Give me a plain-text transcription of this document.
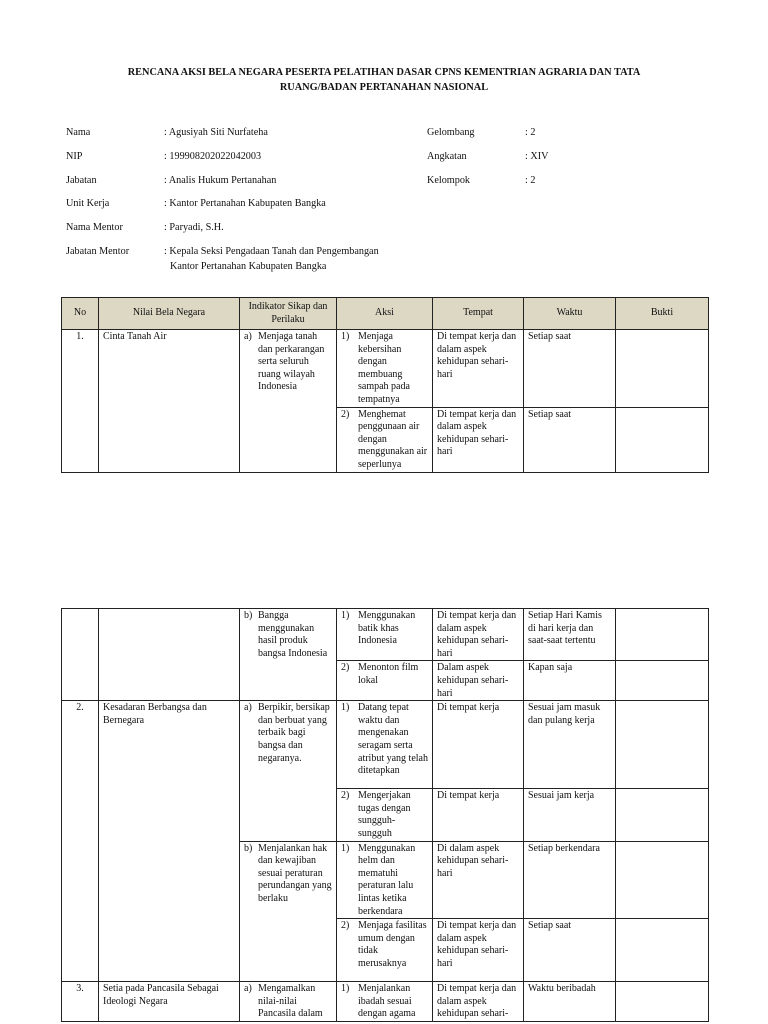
RENCANA AKSI BELA NEGARA PESERTA PELATIHAN DASAR CPNS KEMENTRIAN AGRARIA DAN TATA
RUANG/BADAN PERTANAHAN NASIONAL
Nama	: Agusiyah Siti Nurfateha
NIP	: 199908202022042003
Jabatan	: Analis Hukum Pertanahan
Unit Kerja	: Kantor Pertanahan Kabupaten Bangka
Nama Mentor	: Paryadi, S.H.
Jabatan Mentor	: Kepala Seksi Pengadaan Tanah dan Pengembangan
Kantor Pertanahan Kabupaten Bangka
Gelombang	: 2
Angkatan	: XIV
Kelompok	: 2
No	Nilai Bela Negara	Indikator Sikap dan Perilaku	Aksi	Tempat	Waktu	Bukti
1.	Cinta Tanah Air	a) Menjaga tanah dan perkarangan serta seluruh ruang wilayah Indonesia	1) Menjaga kebersihan dengan membuang sampah pada tempatnya	Di tempat kerja dan dalam aspek kehidupan sehari-hari	Setiap saat	

			2) Menghemat penggunaan air dengan menggunakan air seperlunya	Di tempat kerja dan dalam aspek kehidupan sehari-hari	Setiap saat	

		b) Bangga menggunakan hasil produk bangsa Indonesia	1) Menggunakan batik khas Indonesia	Di tempat kerja dan dalam aspek kehidupan sehari-hari	Setiap Hari Kamis di hari kerja dan saat-saat tertentu	

			2) Menonton film lokal	Dalam aspek kehidupan sehari-hari	Kapan saja	
2.	Kesadaran Berbangsa dan Bernegara	a) Berpikir, bersikap dan berbuat yang terbaik bagi bangsa dan negaranya.	1) Datang tepat waktu dan mengenakan seragam serta atribut yang telah ditetapkan	Di tempat kerja	Sesuai jam masuk dan pulang kerja	

			2) Mengerjakan tugas dengan sungguh-sungguh	Di tempat kerja	Sesuai jam kerja	

		b) Menjalankan hak dan kewajiban sesuai peraturan perundangan yang berlaku	1) Menggunakan helm dan mematuhi peraturan lalu lintas ketika berkendara	Di dalam aspek kehidupan sehari-hari	Setiap berkendara	

			2) Menjaga fasilitas umum dengan tidak merusaknya	Di tempat kerja dan dalam aspek kehidupan sehari-hari	Setiap saat	
3.	Setia pada Pancasila Sebagai Ideologi Negara	a) Mengamalkan nilai-nilai Pancasila dalam	1) Menjalankan ibadah sesuai dengan agama	Di tempat kerja dan dalam aspek kehidupan sehari-	Waktu beribadah	
